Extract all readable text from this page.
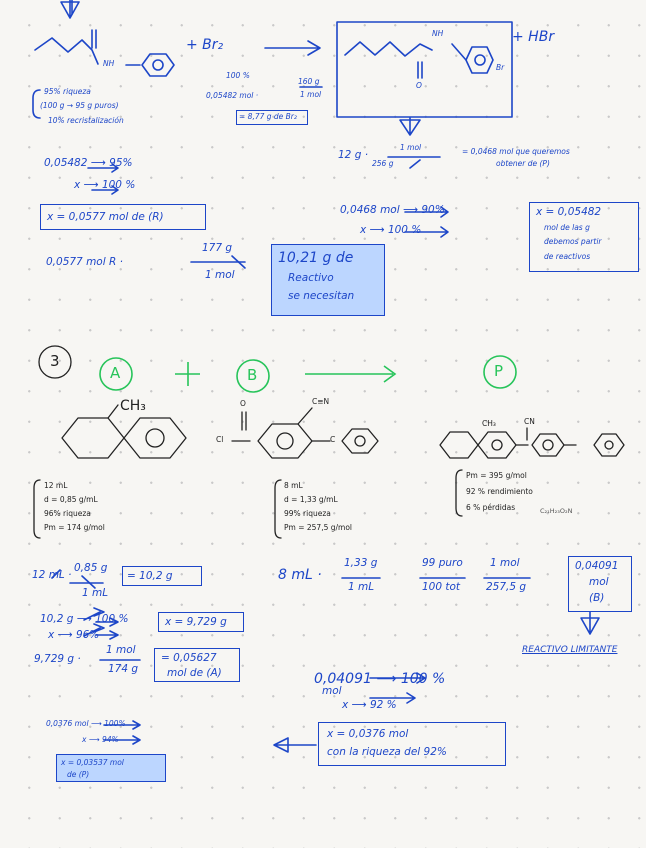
+ Br₂	+ HBr
NH
NH
Br
O
100 %
95% riqueza
(100 g → 95 g puros)
10% recristalización
0,05482 mol ·
160 g
1 mol
= 8,77 g de Br₂
12 g ·
1 mol
256 g
= 0,0468 mol que queremos
obtener de (P)
0,05482 ⟶ 95%
x ⟶ 100 %
x = 0,0577 mol de (R)
0,0468 mol ⟶ 90%
x ⟶ 100 %
x = 0,05482
mol de las g
debemos partir
de reactivos
0,0577 mol R ·
177 g
1 mol
10,21 g de
Reactivo
se necesitan
3
A	B	P
CH₃	C≡N
Cl
O
C
CH₃	CN
12 mL
d = 0,85 g/mL
96% riqueza
Pm = 174 g/mol
8 mL
d = 1,33 g/mL
99% riqueza
Pm = 257,5 g/mol
Pm = 395 g/mol
92 % rendimiento
6 % pérdidas	C₂₁H₂₃O₂N
12 mL ·
0,85 g
1 mL
= 10,2 g
10,2 g ⟶ 100 %
x ⟶ 96%
x = 9,729 g
9,729 g ·
1 mol
174 g
= 0,05627
mol de (A)
8 mL ·
1,33 g
1 mL
99 puro
100 tot
1 mol
257,5 g
0,04091
mol
(B)
REACTIVO LIMITANTE
0,04091 ⟶ 100 %
mol
x ⟶ 92 %
x = 0,0376 mol
con la riqueza del 92%
0,0376 mol ⟶ 100%
x ⟶ 94%
x = 0,03537 mol
de (P)
